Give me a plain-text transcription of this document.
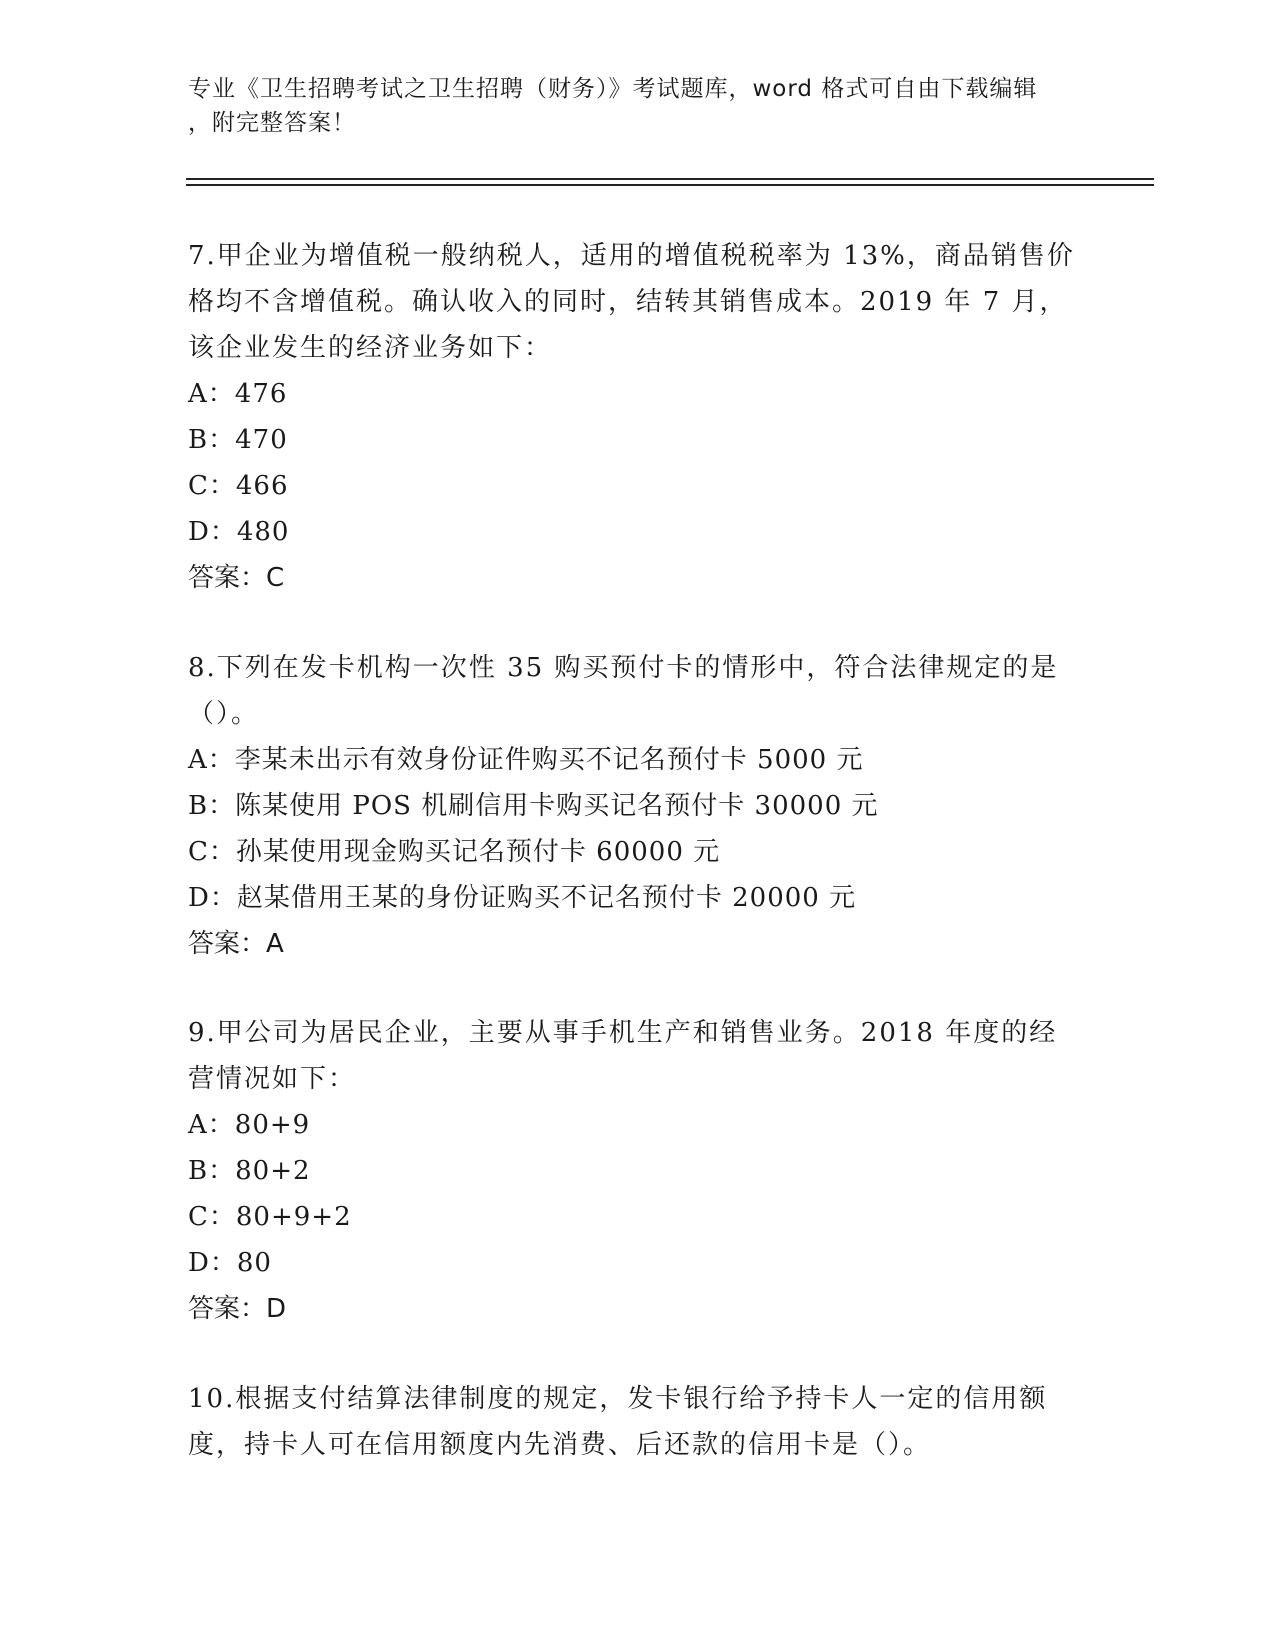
专业《卫生招聘考试之卫生招聘（财务）》考试题库，word 格式可自由下载编辑

，附完整答案！

7.甲企业为增值税一般纳税人，适用的增值税税率为 13%，商品销售价

格均不含增值税。确认收入的同时，结转其销售成本。2019 年 7 月，

该企业发生的经济业务如下：

A：476

B：470

C：466

D：480

答案：C

8.下列在发卡机构一次性 35 购买预付卡的情形中，符合法律规定的是

（）。

A：李某未出示有效身份证件购买不记名预付卡 5000 元

B：陈某使用 POS 机刷信用卡购买记名预付卡 30000 元

C：孙某使用现金购买记名预付卡 60000 元

D：赵某借用王某的身份证购买不记名预付卡 20000 元

答案：A

9.甲公司为居民企业，主要从事手机生产和销售业务。2018 年度的经

营情况如下：

A：80+9

B：80+2

C：80+9+2

D：80

答案：D

10.根据支付结算法律制度的规定，发卡银行给予持卡人一定的信用额

度，持卡人可在信用额度内先消费、后还款的信用卡是（）。
